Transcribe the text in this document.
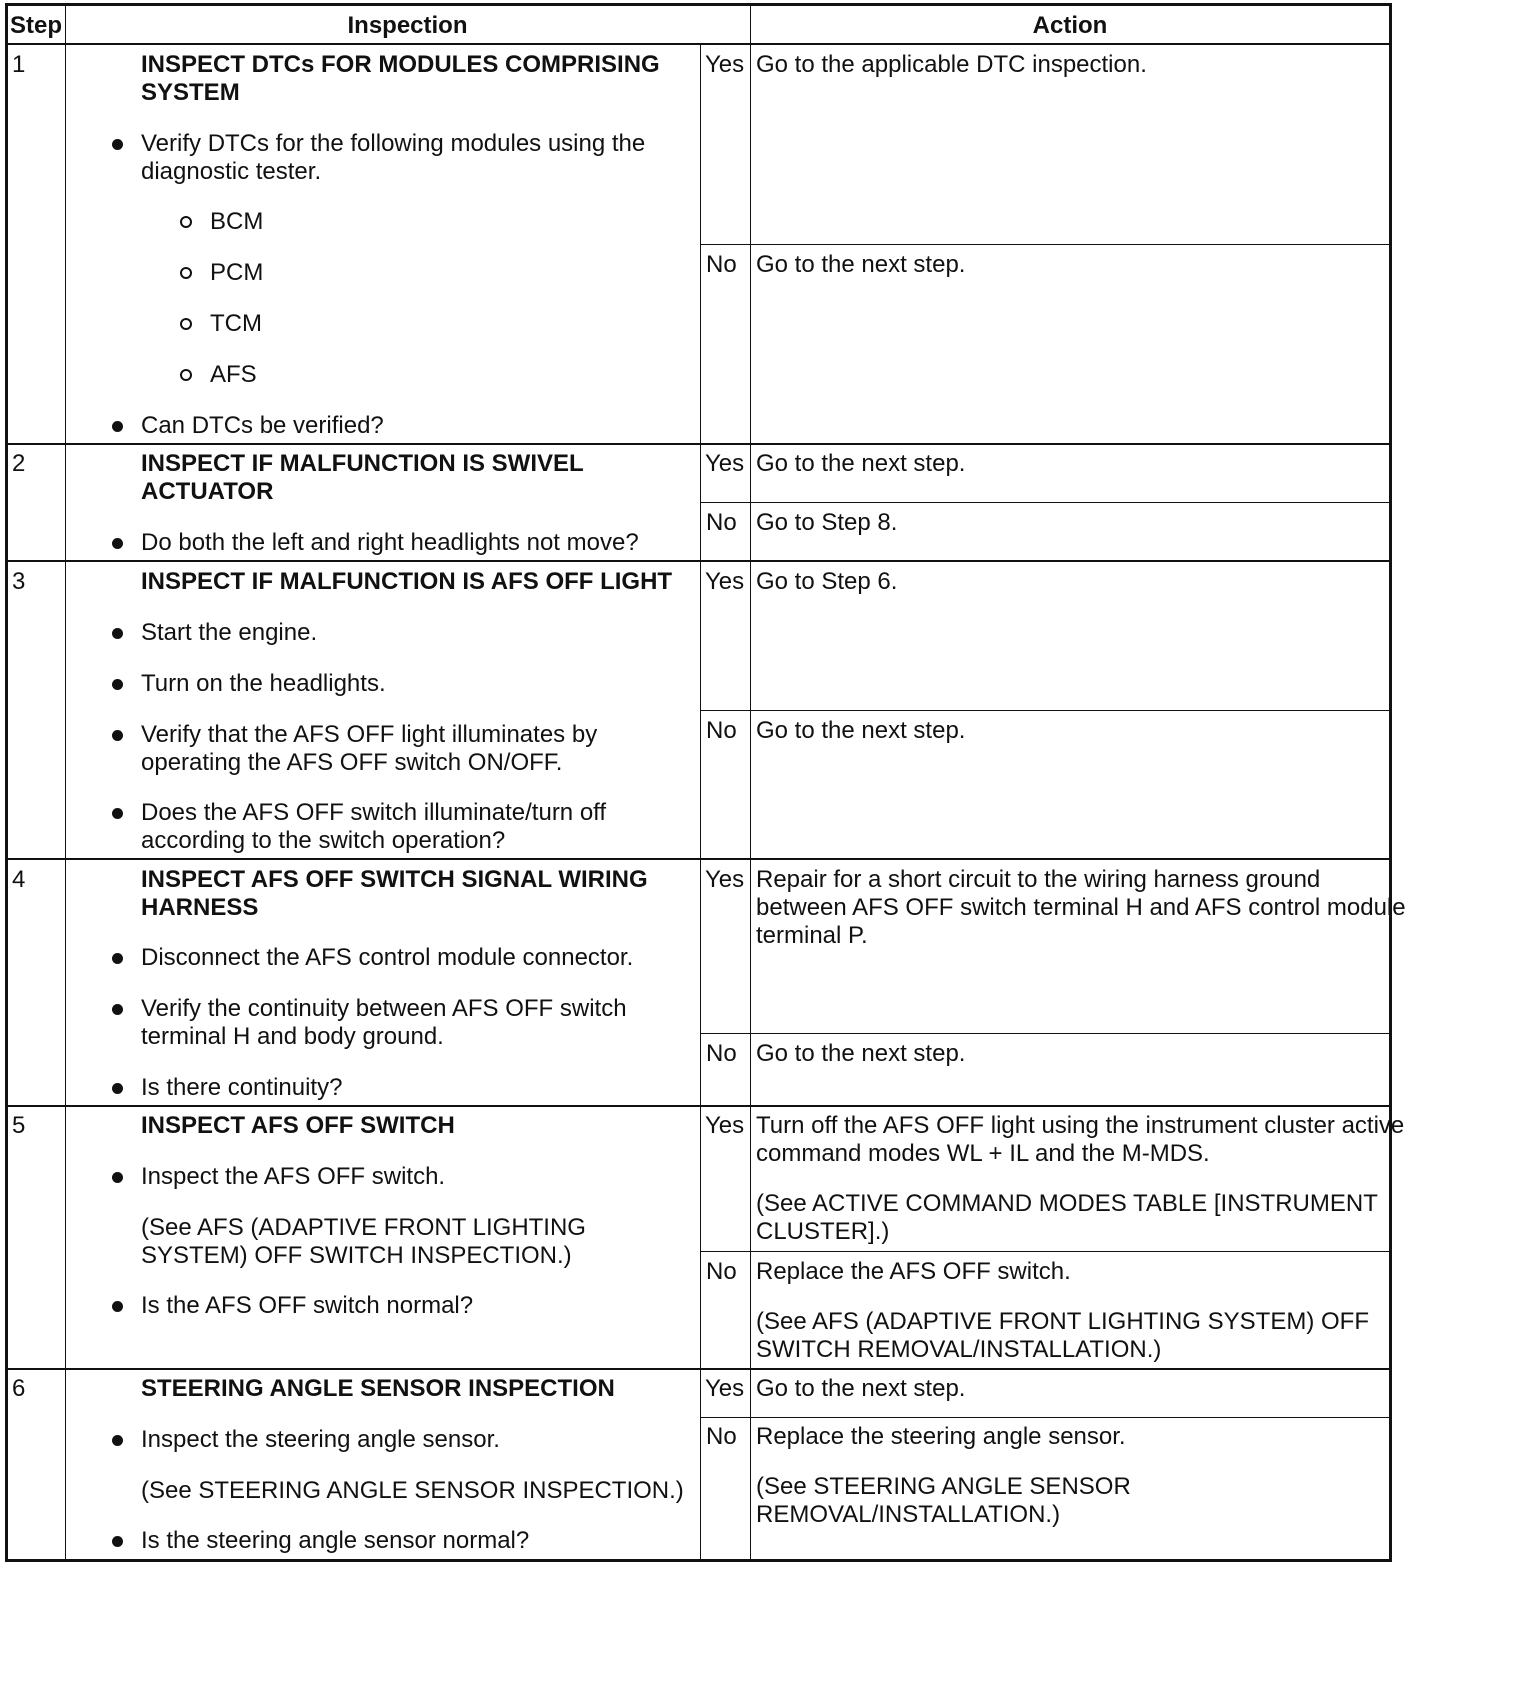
Step	Inspection	Action
1	INSPECT DTCs FOR MODULES COMPRISING
SYSTEM
Verify DTCs for the following modules using the
diagnostic tester.
BCM
PCM
TCM
AFS
Can DTCs be verified?
Yes Go to the applicable DTC inspection.
No Go to the next step.
2	INSPECT IF MALFUNCTION IS SWIVEL
ACTUATOR
Do both the left and right headlights not move?
Yes Go to the next step.
No Go to Step 8.
3	INSPECT IF MALFUNCTION IS AFS OFF LIGHT
Start the engine.
Turn on the headlights.
Verify that the AFS OFF light illuminates by
operating the AFS OFF switch ON/OFF.
Does the AFS OFF switch illuminate/turn off
according to the switch operation?
Yes Go to Step 6.
No Go to the next step.
4	INSPECT AFS OFF SWITCH SIGNAL WIRING
HARNESS
Disconnect the AFS control module connector.
Verify the continuity between AFS OFF switch
terminal H and body ground.
Is there continuity?
Yes Repair for a short circuit to the wiring harness ground
between AFS OFF switch terminal H and AFS control module
terminal P.
No Go to the next step.
5	INSPECT AFS OFF SWITCH
Inspect the AFS OFF switch.
(See AFS (ADAPTIVE FRONT LIGHTING
SYSTEM) OFF SWITCH INSPECTION.)
Is the AFS OFF switch normal?
Yes Turn off the AFS OFF light using the instrument cluster active
command modes WL + IL and the M-MDS.
(See ACTIVE COMMAND MODES TABLE [INSTRUMENT
CLUSTER].)
No Replace the AFS OFF switch.
(See AFS (ADAPTIVE FRONT LIGHTING SYSTEM) OFF
SWITCH REMOVAL/INSTALLATION.)
6	STEERING ANGLE SENSOR INSPECTION
Inspect the steering angle sensor.
(See STEERING ANGLE SENSOR INSPECTION.)
Is the steering angle sensor normal?
Yes Go to the next step.
No Replace the steering angle sensor.
(See STEERING ANGLE SENSOR
REMOVAL/INSTALLATION.)
